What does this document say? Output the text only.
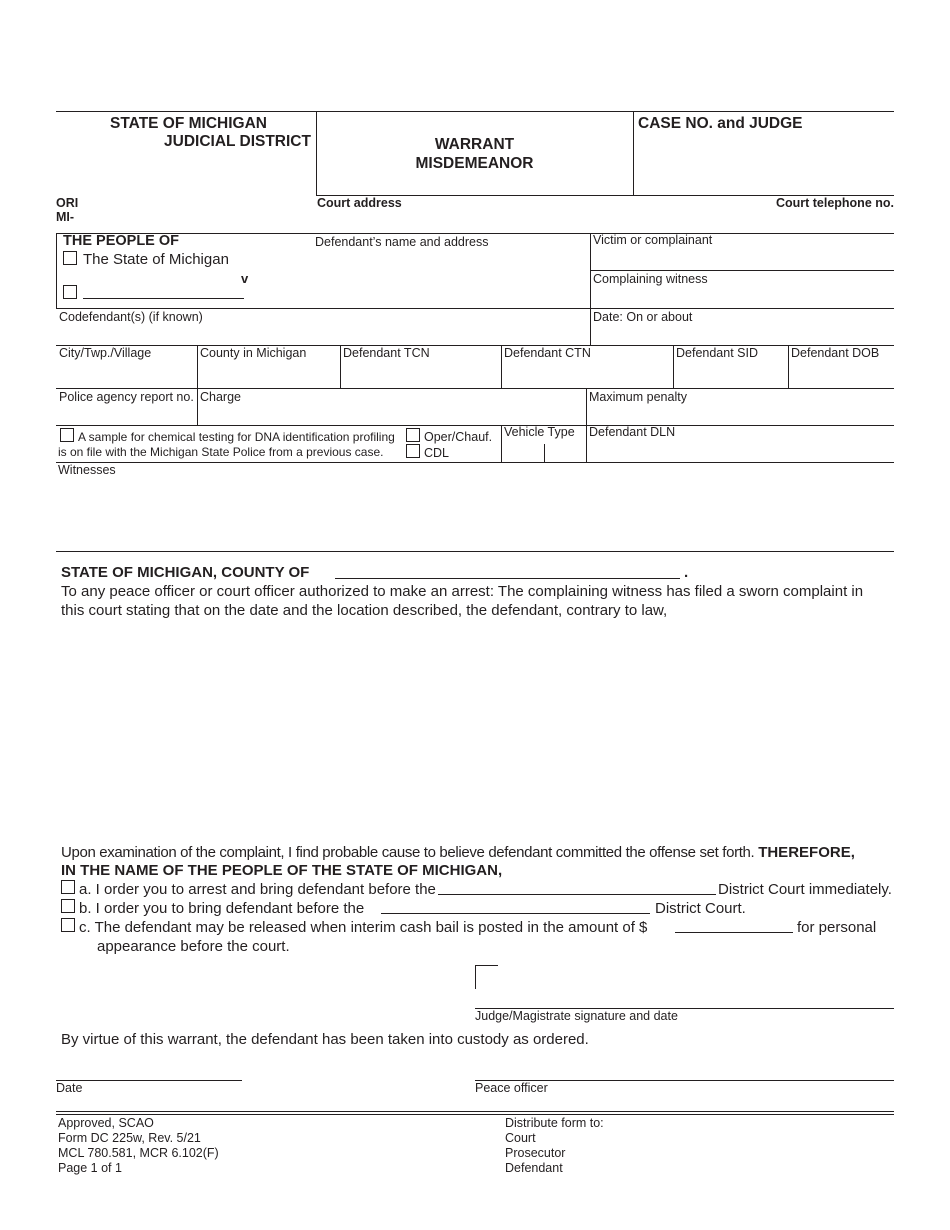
STATE OF MICHIGAN
JUDICIAL DISTRICT	WARRANT
MISDEMEANOR
CASE NO. and JUDGE
ORI
MI-
Court address	Court telephone no.
THE PEOPLE OF
The State of Michigan
v
Defendant’s name and address	Victim or complainant
Complaining witness
Codefendant(s) (if known)	Date: On or about
City/Twp./Village	County in Michigan	Defendant TCN	Defendant CTN	Defendant SID	Defendant DOB
Police agency report no. Charge	Maximum penalty
A sample for chemical testing for DNA identification profiling
is on file with the Michigan State Police from a previous case.
Oper/Chauf.
CDL
Vehicle Type Defendant DLN
Witnesses
STATE OF MICHIGAN, COUNTY OF	.
To any peace officer or court officer authorized to make an arrest: The complaining witness has filed a sworn complaint in
this court stating that on the date and the location described, the defendant, contrary to law,
Upon examination of the complaint, I find probable cause to believe defendant committed the offense set forth. THEREFORE,
IN THE NAME OF THE PEOPLE OF THE STATE OF MICHIGAN,
a. I order you to arrest and bring defendant before the	District Court immediately.
b. I order you to bring defendant before the	District Court.
c. The defendant may be released when interim cash bail is posted in the amount of $	for personal
appearance before the court.
Judge/Magistrate signature and date
By virtue of this warrant, the defendant has been taken into custody as ordered.
Date	Peace officer
Approved, SCAO
Form DC 225w, Rev. 5/21
MCL 780.581, MCR 6.102(F)
Page 1 of 1
Distribute form to:
Court
Prosecutor
Defendant
